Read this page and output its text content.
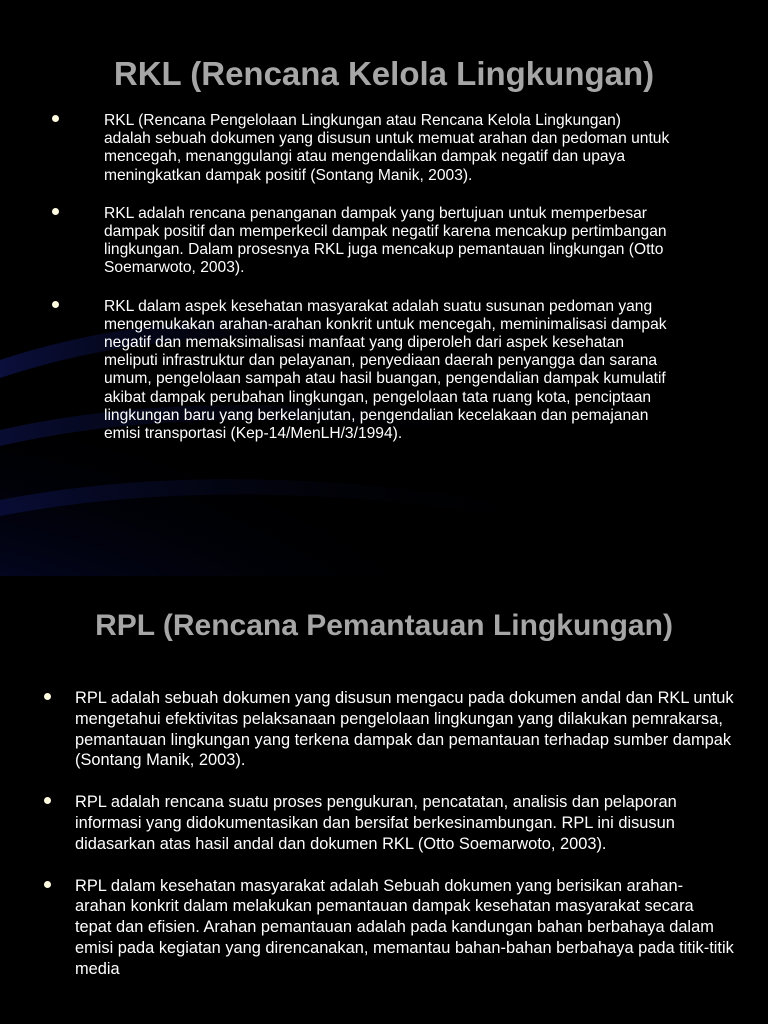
RKL (Rencana Kelola Lingkungan)
RKL (Rencana Pengelolaan Lingkungan atau Rencana Kelola Lingkungan) adalah sebuah dokumen yang disusun untuk memuat arahan dan pedoman untuk mencegah, menanggulangi atau mengendalikan dampak negatif dan upaya meningkatkan dampak positif (Sontang Manik, 2003).
RKL adalah rencana penanganan dampak yang bertujuan untuk memperbesar dampak positif dan memperkecil dampak negatif karena mencakup pertimbangan lingkungan. Dalam prosesnya RKL juga mencakup pemantauan lingkungan (Otto Soemarwoto, 2003).
RKL dalam aspek kesehatan masyarakat adalah suatu susunan pedoman yang mengemukakan arahan-arahan konkrit untuk mencegah, meminimalisasi dampak negatif dan memaksimalisasi manfaat yang diperoleh dari aspek kesehatan meliputi infrastruktur dan pelayanan, penyediaan daerah penyangga dan sarana umum, pengelolaan sampah atau hasil buangan, pengendalian dampak kumulatif akibat dampak perubahan lingkungan, pengelolaan tata ruang kota, penciptaan lingkungan baru yang berkelanjutan, pengendalian kecelakaan dan pemajanan emisi transportasi (Kep-14/MenLH/3/1994).
RPL (Rencana Pemantauan Lingkungan)
RPL adalah sebuah dokumen yang disusun mengacu pada dokumen andal dan RKL untuk mengetahui efektivitas pelaksanaan pengelolaan lingkungan yang dilakukan pemrakarsa, pemantauan lingkungan yang terkena dampak dan pemantauan terhadap sumber dampak (Sontang Manik, 2003).
RPL adalah rencana suatu proses pengukuran, pencatatan, analisis dan pelaporan informasi yang didokumentasikan dan bersifat berkesinambungan. RPL ini disusun didasarkan atas hasil andal dan dokumen RKL (Otto Soemarwoto, 2003).
RPL dalam kesehatan masyarakat adalah Sebuah dokumen yang berisikan arahan-arahan konkrit dalam melakukan pemantauan dampak kesehatan masyarakat secara tepat dan efisien. Arahan pemantauan adalah pada kandungan bahan berbahaya dalam emisi pada kegiatan yang direncanakan, memantau bahan-bahan berbahaya pada titik-titik media
